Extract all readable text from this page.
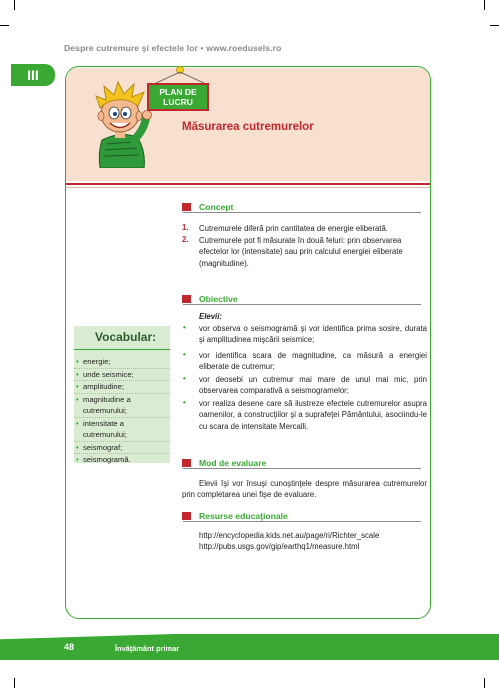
Despre cutremure şi efectele lor • www.roedusels.ro
III
PLAN DE
LUCRU
Măsurarea cutremurelor
Vocabular:
• energie;
• unde seismice;
• amplitudine;
• magnitudine a
cutremurului;
• intensitate a
cutremurului;
• seismograf;
• seismogramă.
Concept
1. Cutremurele diferă prin cantitatea de energie eliberată.
2. Cutremurele pot fi măsurate în două feluri: prin observarea efectelor lor (intensitate) sau prin calculul energiei eliberate (magnitudine).
Obiective
Elevii:
• vor observa o seismogramă şi vor identifica prima sosire, durata şi amplitudinea mişcării seismice;
• vor identifica scara de magnitudine, ca măsură a energiei eliberate de cutremur;
• vor deosebi un cutremur mai mare de unul mai mic, prin observarea comparativă a seismogramelor;
• vor realiza desene care să ilustreze efectele cutremurelor asupra oamenilor, a construcţiilor şi a suprafeţei Pământului, asociindu-le cu scara de intensitate Mercalli.
Mod de evaluare
Elevii îşi vor însuşi cunoştinţele despre măsurarea cutremurelor prin completarea unei fişe de evaluare.
Resurse educaţionale
http://encyclopedia.kids.net.au/page/ri/Richter_scale
http://pubs.usgs.gov/gip/earthq1/measure.html
48	Învăţământ primar
